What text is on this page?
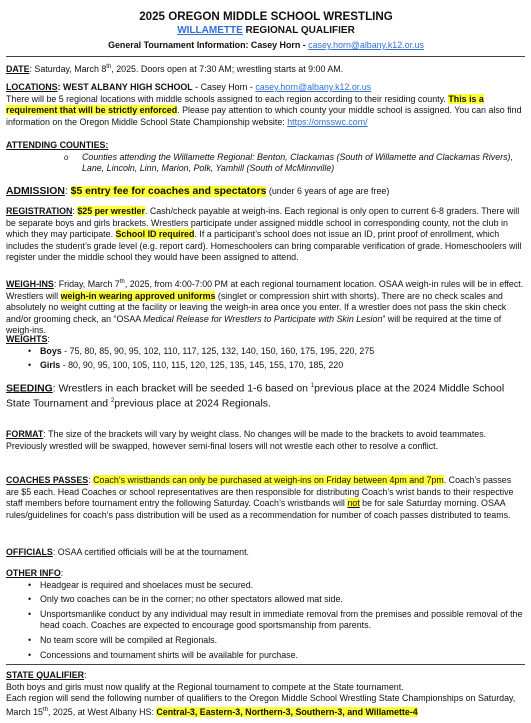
2025 OREGON MIDDLE SCHOOL WRESTLING
WILLAMETTE REGIONAL QUALIFIER
General Tournament Information: Casey Horn - casey.horn@albany.k12.or.us
DATE: Saturday, March 8th, 2025. Doors open at 7:30 AM; wrestling starts at 9:00 AM.
LOCATIONS: WEST ALBANY HIGH SCHOOL - Casey Horn - casey.horn@albany.k12.or.us
There will be 5 regional locations with middle schools assigned to each region according to their residing county. This is a requirement that will be strictly enforced. Please pay attention to which county your middle school is assigned. You can also find information on the Oregon Middle School State Championship website: https://omsswc.com/
ATTENDING COUNTIES:
o Counties attending the Willamette Regional: Benton, Clackamas (South of Willamette and Clackamas Rivers), Lane, Lincoln, Linn, Marion, Polk, Yamhill (South of McMinnville)
ADMISSION: $5 entry fee for coaches and spectators (under 6 years of age are free)
REGISTRATION: $25 per wrestler. Cash/check payable at weigh-ins. Each regional is only open to current 6-8 graders. There will be separate boys and girls brackets. Wrestlers participate under assigned middle school in corresponding county, not the club in which they may participate. School ID required. If a participant’s school does not issue an ID, print proof of enrollment, which includes the student’s grade level (e.g. report card). Homeschoolers can bring comparable verification of grade. Homeschoolers will register under the middle school they would have been assigned to attend.
WEIGH-INS: Friday, March 7th, 2025, from 4:00-7:00 PM at each regional tournament location. OSAA weigh-in rules will be in effect. Wrestlers will weigh-in wearing approved uniforms (singlet or compression shirt with shorts). There are no check scales and absolutely no weight cutting at the facility or leaving the weigh-in area once you enter. If a wrestler does not pass the skin check and/or grooming check, an “OSAA Medical Release for Wrestlers to Participate with Skin Lesion” will be required at the time of weigh-ins.
WEIGHTS:
• Boys - 75, 80, 85, 90, 95, 102, 110, 117, 125, 132, 140, 150, 160, 175, 195, 220, 275
• Girls - 80, 90, 95, 100, 105, 110, 115, 120, 125, 135, 145, 155, 170, 185, 220
SEEDING: Wrestlers in each bracket will be seeded 1-6 based on $^1$previous place at the 2024 Middle School State Tournament and $^2$previous place at 2024 Regionals.
FORMAT: The size of the brackets will vary by weight class. No changes will be made to the brackets to avoid teammates. Previously wrestled will be swapped, however semi-final losers will not wrestle each other to resolve a conflict.
COACHES PASSES: Coach’s wristbands can only be purchased at weigh-ins on Friday between 4pm and 7pm. Coach’s passes are $5 each. Head Coaches or school representatives are then responsible for distributing Coach’s wrist bands to their respective staff members before tournament entry the following Saturday. Coach’s wristbands will not be for sale Saturday morning. OSAA rules/guidelines for coach’s pass distribution will be used as a recommendation for number of coach passes distributed to teams.
OFFICIALS: OSAA certified officials will be at the tournament.
OTHER INFO:
• Headgear is required and shoelaces must be secured.
• Only two coaches can be in the corner; no other spectators allowed mat side.
• Unsportsmanlike conduct by any individual may result in immediate removal from the premises and possible removal of the head coach. Coaches are expected to encourage good sportsmanship from parents.
• No team score will be compiled at Regionals.
• Concessions and tournament shirts will be available for purchase.
STATE QUALIFIER:
Both boys and girls must now qualify at the Regional tournament to compete at the State tournament.
Each region will send the following number of qualifiers to the Oregon Middle School Wrestling State Championships on Saturday, March 15th, 2025, at West Albany HS: Central-3, Eastern-3, Northern-3, Southern-3, and Willamette-4
